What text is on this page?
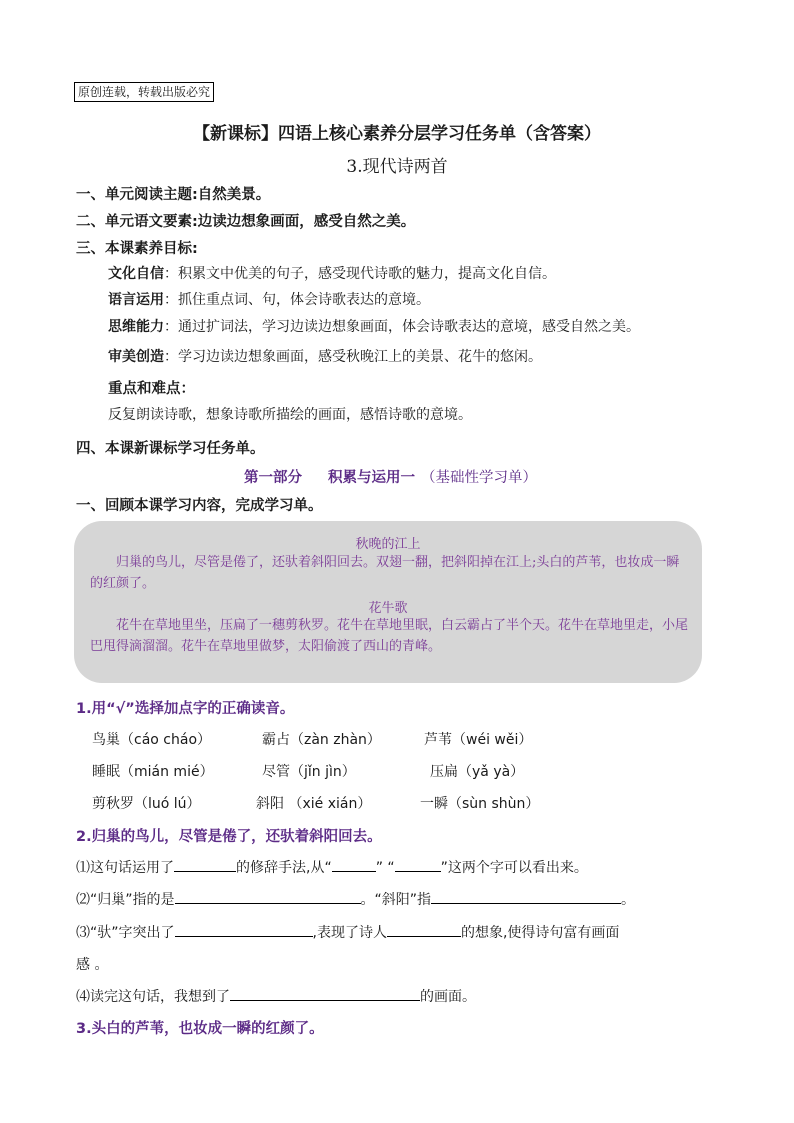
原创连载，转载出版必究
【新课标】四语上核心素养分层学习任务单（含答案）
3.现代诗两首
一、单元阅读主题:自然美景。
二、单元语文要素:边读边想象画面，感受自然之美。
三、本课素养目标:
文化自信：积累文中优美的句子，感受现代诗歌的魅力，提高文化自信。
语言运用：抓住重点词、句，体会诗歌表达的意境。
思维能力：通过扩词法，学习边读边想象画面，体会诗歌表达的意境，感受自然之美。
审美创造：学习边读边想象画面，感受秋晚江上的美景、花牛的悠闲。
重点和难点：
反复朗读诗歌，想象诗歌所描绘的画面，感悟诗歌的意境。
四、本课新课标学习任务单。
第一部分 积累与运用一 （基础性学习单）
一、回顾本课学习内容，完成学习单。
秋晚的江上
归巢的鸟儿，尽管是倦了，还驮着斜阳回去。双翅一翻，把斜阳掉在江上;头白的芦苇，也妆成一瞬的红颜了。
花牛歌
花牛在草地里坐，压扁了一穗剪秋罗。花牛在草地里眠，白云霸占了半个天。花牛在草地里走，小尾巴甩得滴溜溜。花牛在草地里做梦，太阳偷渡了西山的青峰。
1.用“√”选择加点字的正确读音。
鸟巢（cáo cháo）	霸占（zàn zhàn）	芦苇（wéi wěi）
睡眠（mián mié）	尽管（jǐn jìn）	压扁（yǎ yà）
剪秋罗（luó lú）	斜阳 （xié xián）	一瞬（sùn shùn）
2.归巢的鸟儿，尽管是倦了，还驮着斜阳回去。
⑴这句话运用了	的修辞手法,从“	” “	”这两个字可以看出来。
⑵“归巢”指的是	。“斜阳”指	。
⑶“驮”字突出了	,表现了诗人	的想象,使得诗句富有画面
感 。
⑷读完这句话，我想到了	的画面。
3.头白的芦苇，也妆成一瞬的红颜了。
